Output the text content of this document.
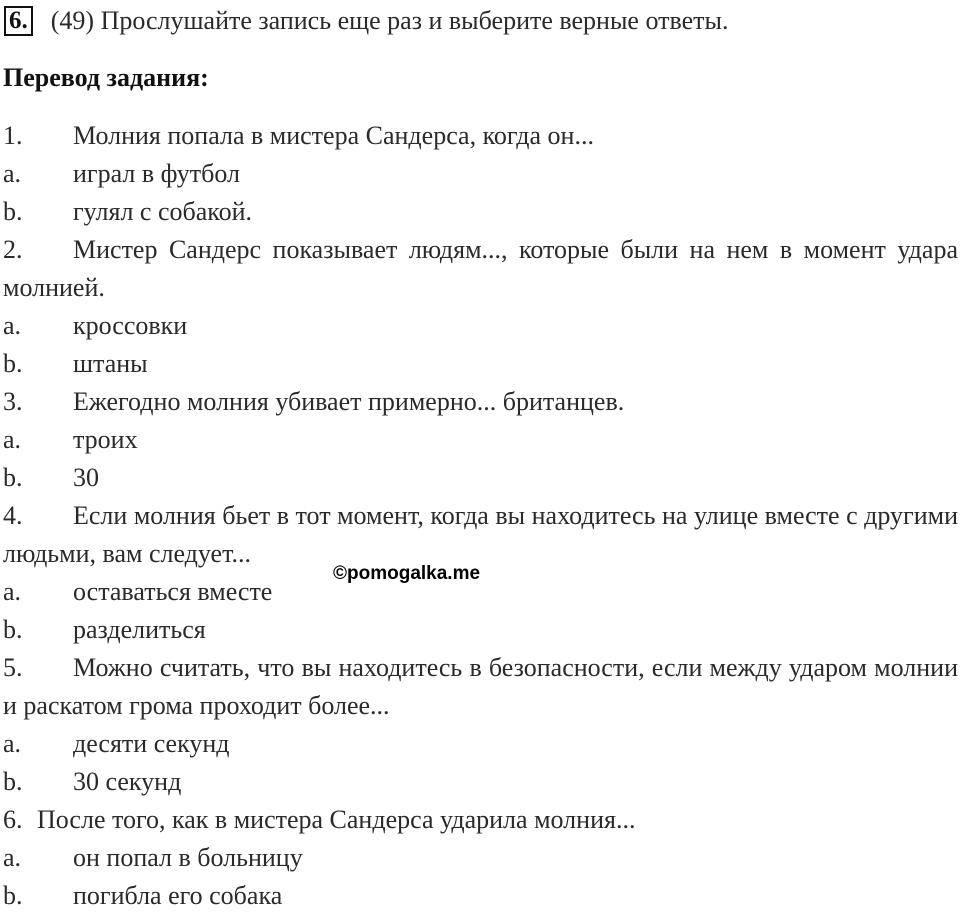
6. (49) Прослушайте запись еще раз и выберите верные ответы.
Перевод задания:
1. Молния попала в мистера Сандерса, когда он...
a. играл в футбол
b. гулял с собакой.
2. Мистер Сандерс показывает людям..., которые были на нем в момент удара молнией.
a. кроссовки
b. штаны
3. Ежегодно молния убивает примерно... британцев.
a. троих
b. 30
4. Если молния бьет в тот момент, когда вы находитесь на улице вместе с другими людьми, вам следует...
a. оставаться вместе
b. разделиться
5. Можно считать, что вы находитесь в безопасности, если между ударом молнии и раскатом грома проходит более...
a. десяти секунд
b. 30 секунд
6. После того, как в мистера Сандерса ударила молния...
a. он попал в больницу
b. погибла его собака
©pomogalka.me
